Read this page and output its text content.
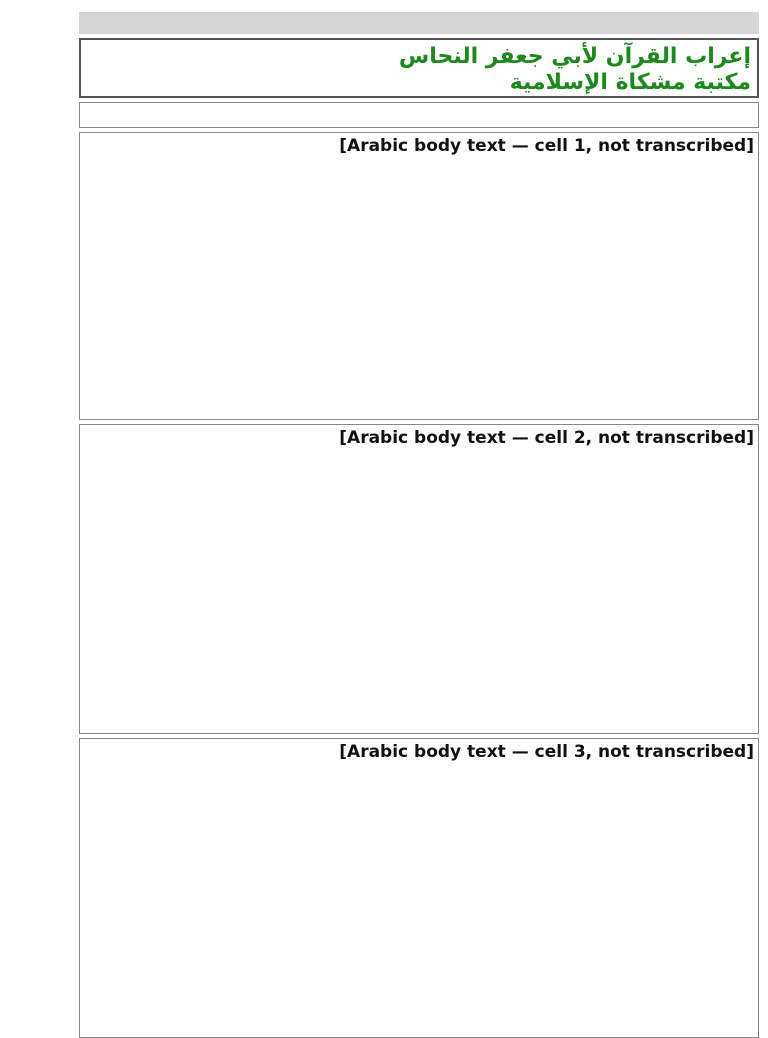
إعراب القرآن لأبي جعفر النحاس
مكتبة مشكاة الإسلامية
[Arabic body text — cell 1, not transcribed]
[Arabic body text — cell 2, not transcribed]
[Arabic body text — cell 3, not transcribed]
